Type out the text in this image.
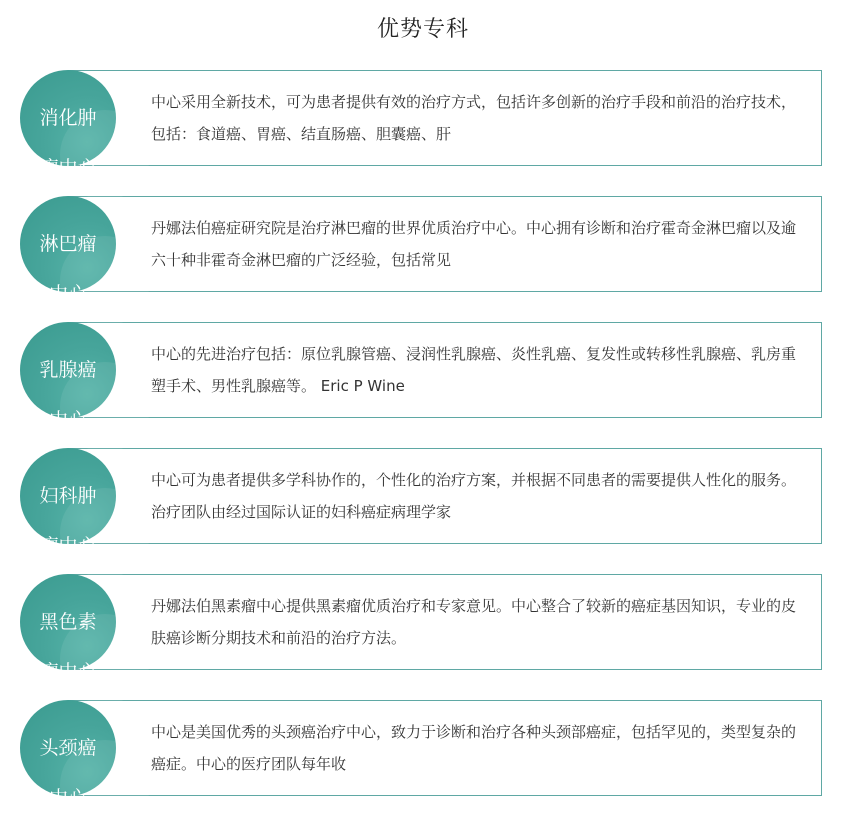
优势专科
中心采用全新技术，可为患者提供有效的治疗方式，包括许多创新的治疗手段和前沿的治疗技术，包括：食道癌、胃癌、结直肠癌、胆囊癌、肝

消化肿

瘤中心

丹娜法伯癌症研究院是治疗淋巴瘤的世界优质治疗中心。中心拥有诊断和治疗霍奇金淋巴瘤以及逾六十种非霍奇金淋巴瘤的广泛经验，包括常见

淋巴瘤

中心

中心的先进治疗包括：原位乳腺管癌、浸润性乳腺癌、炎性乳癌、复发性或转移性乳腺癌、乳房重塑手术、男性乳腺癌等。 Eric P Wine

乳腺癌

中心

中心可为患者提供多学科协作的，个性化的治疗方案，并根据不同患者的需要提供人性化的服务。治疗团队由经过国际认证的妇科癌症病理学家

妇科肿

瘤中心

丹娜法伯黑素瘤中心提供黑素瘤优质治疗和专家意见。中心整合了较新的癌症基因知识，专业的皮肤癌诊断分期技术和前沿的治疗方法。

黑色素

瘤中心

中心是美国优秀的头颈癌治疗中心，致力于诊断和治疗各种头颈部癌症，包括罕见的，类型复杂的癌症。中心的医疗团队每年收

头颈癌

中心
